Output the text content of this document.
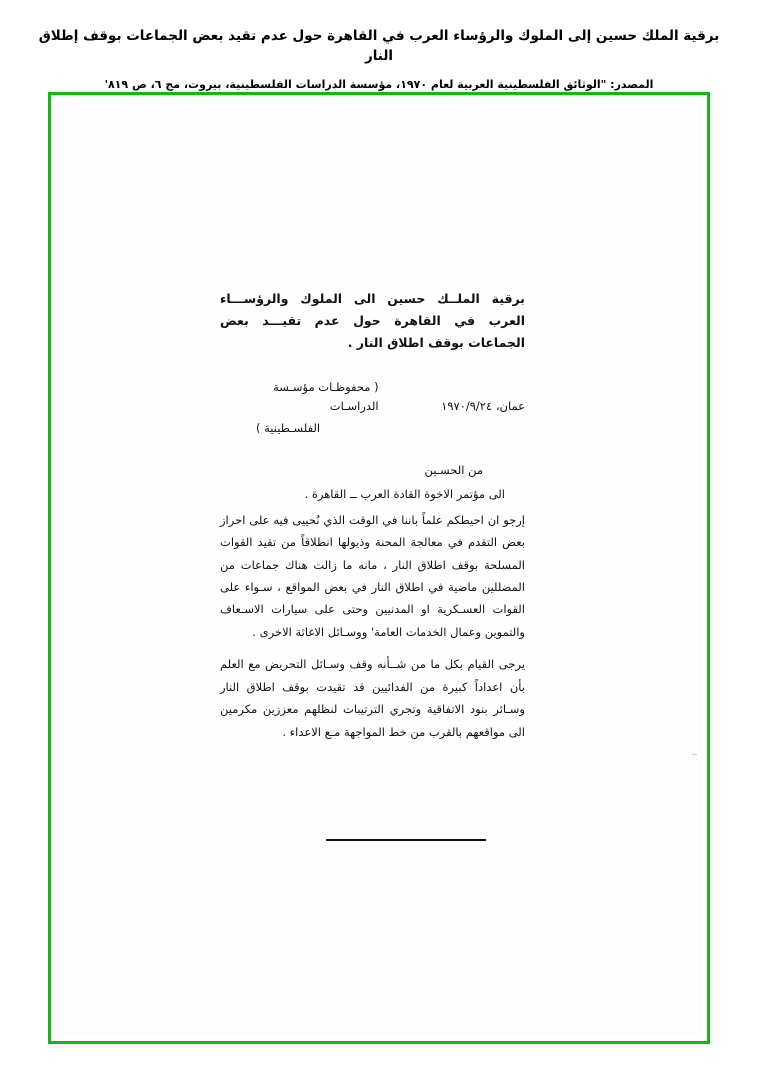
برقية الملك حسين إلى الملوك والرؤساء العرب في القاهرة حول عدم تقيد بعض الجماعات بوقف إطلاق النار
المصدر: "الوثائق الفلسطينية العربية لعام ١٩٧٠، مؤسسة الدراسات الفلسطينية، بيروت، مج ٦، ص ٨١٩'

برقية الملــك حسين الى الملوك والرؤســـاء العرب في القاهرة حول عدم تقيـــد بعض الجماعات بوقف اطلاق النار .

عمان، ١٩٧٠/٩/٢٤( محفوظـات مؤسـسة الدراسـات
الفلسـطينية )

من الحسـين

الى مؤتمر الاخوة القادة العرب ــ القاهرة .

إرجو ان احيطكم علماً باننا في الوقت الذي نُحييى فيه على احراز بعض التقدم في معالجة المحنة وذيولها انطلاقاً من تقيد القوات المسلحة بوقف اطلاق النار ، مانه ما زالت هناك جماعات من المضللين ماضية في اطلاق النار في بعض المواقع ، سـواء على القوات العسـكرية او المدنيين وحتى على سيارات الاسـعاف والتموين وعمال الخدمات العامة' ووسـائل الاغاثة الاخرى .

يرجى القيام بكل ما من شــأنه وقف وسـائل التحريض مع العلم بأن اعداداً كبيرة من الفدائيين قد تقيدت بوقف اطلاق النار وسـائر بنود الاتفاقية وتجري الترتيبات لنظلهم معززين مكرمين الى مواقعهم بالقرب من خط المواجهة مـع الاعداء .
